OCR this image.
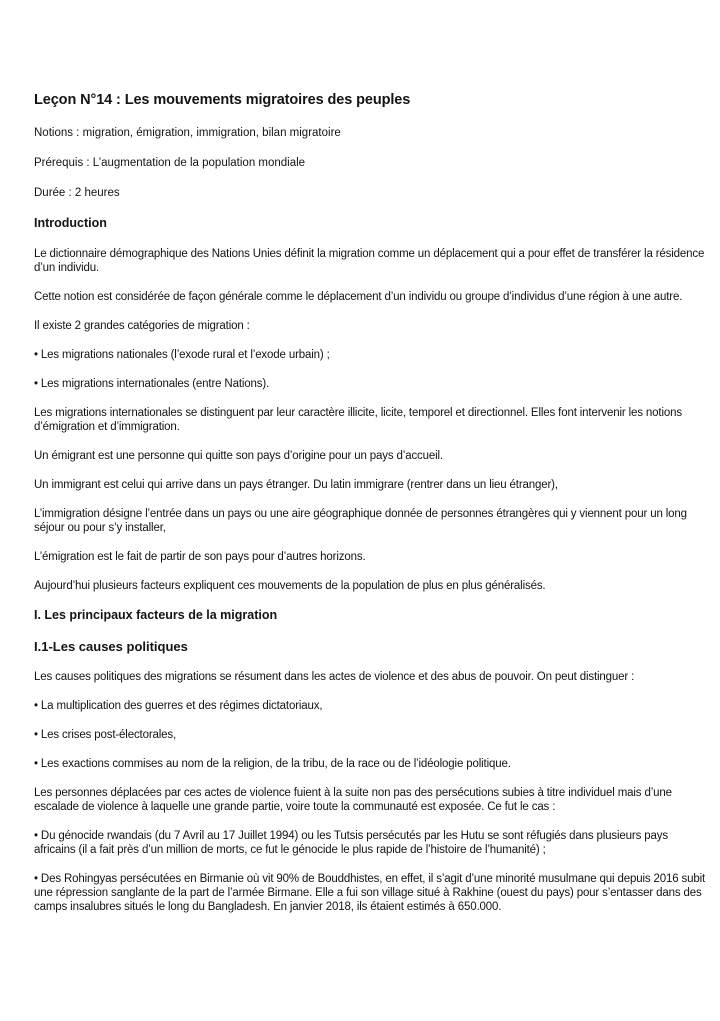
Leçon N°14 : Les mouvements migratoires des peuples
Notions : migration, émigration, immigration, bilan migratoire
Prérequis : L’augmentation de la population mondiale
Durée : 2 heures
Introduction

Le dictionnaire démographique des Nations Unies définit la migration comme un déplacement qui a pour effet de transférer la résidence d’un individu.

Cette notion est considérée de façon générale comme le déplacement d’un individu ou groupe d’individus d’une région à une autre.

Il existe 2 grandes catégories de migration :

• Les migrations nationales (l’exode rural et l’exode urbain) ;

• Les migrations internationales (entre Nations).

Les migrations internationales se distinguent par leur caractère illicite, licite, temporel et directionnel. Elles font intervenir les notions d’émigration et d’immigration.

Un émigrant est une personne qui quitte son pays d’origine pour un pays d’accueil.

Un immigrant est celui qui arrive dans un pays étranger. Du latin immigrare (rentrer dans un lieu étranger),

L’immigration désigne l’entrée dans un pays ou une aire géographique donnée de personnes étrangères qui y viennent pour un long séjour ou pour s’y installer,

L’émigration est le fait de partir de son pays pour d’autres horizons.

Aujourd’hui plusieurs facteurs expliquent ces mouvements de la population de plus en plus généralisés.

I. Les principaux facteurs de la migration
I.1-Les causes politiques

Les causes politiques des migrations se résument dans les actes de violence et des abus de pouvoir. On peut distinguer :

• La multiplication des guerres et des régimes dictatoriaux,

• Les crises post-électorales,

• Les exactions commises au nom de la religion, de la tribu, de la race ou de l’idéologie politique.

Les personnes déplacées par ces actes de violence fuient à la suite non pas des persécutions subies à titre individuel mais d’une escalade de violence à laquelle une grande partie, voire toute la communauté est exposée. Ce fut le cas :

• Du génocide rwandais (du 7 Avril au 17 Juillet 1994) ou les Tutsis persécutés par les Hutu se sont réfugiés dans plusieurs pays africains (il a fait près d’un million de morts, ce fut le génocide le plus rapide de l’histoire de l’humanité) ;

• Des Rohingyas persécutées en Birmanie où vit 90% de Bouddhistes, en effet, il s’agit d’une minorité musulmane qui depuis 2016 subit une répression sanglante de la part de l’armée Birmane. Elle a fui son village situé à Rakhine (ouest du pays) pour s’entasser dans des camps insalubres situés le long du Bangladesh. En janvier 2018, ils étaient estimés à 650.000.
